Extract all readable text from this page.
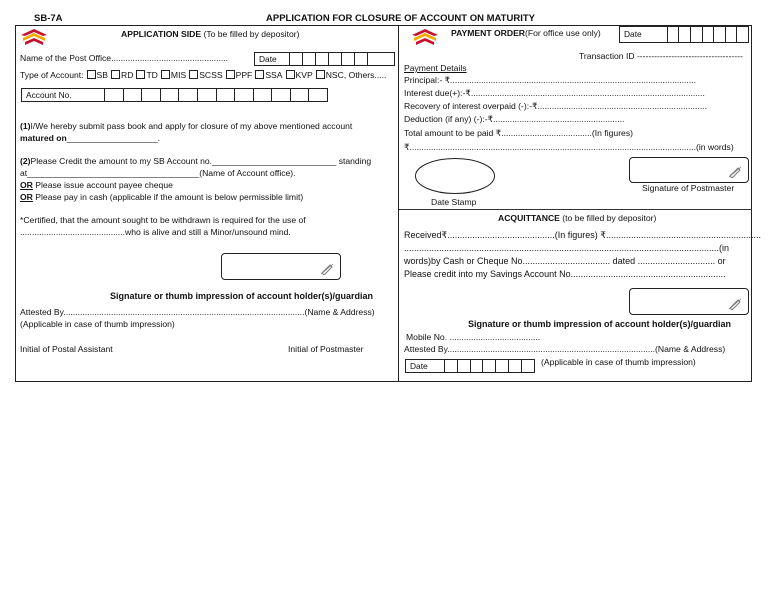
SB-7A	APPLICATION FOR CLOSURE OF ACCOUNT ON MATURITY
APPLICATION SIDE (To be filled by depositor)
Name of the Post Office.................................................	Date
Type of Account: SB RD TD MIS SCSS PPF SSA KVP NSC, Others.....
Account No.
(1)I/We hereby submit pass book and apply for closure of my above mentioned account
matured on___________________.
(2)Please Credit the amount to my SB Account no.__________________________ standing
at____________________________________(Name of Account office).
OR Please issue account payee cheque
OR Please pay in cash (applicable if the amount is below permissible limit)
*Certified, that the amount sought to be withdrawn is required for the use of
............................................who is alive and still a Minor/unsound mind.
Signature or thumb impression of account holder(s)/guardian
Attested By.....................................................................................................(Name & Address)
(Applicable in case of thumb impression)
Initial of Postal Assistant	Initial of Postmaster
PAYMENT ORDER(For office use only)	Date
Transaction ID -------------------------------------
Payment Details
Principal:- ₹.......................................................................................................
Interest due(+):-₹..................................................................................................
Recovery of interest overpaid (-):-₹.......................................................................
Deduction (if any) (-):-₹.......................................................
Total amount to be paid ₹......................................(In figures)
₹........................................................................................................................(in words)
Date Stamp
Signature of Postmaster
ACQUITTANCE (to be filled by depositor)
Received₹...........................................(In figures) ₹..............................................................
..............................................................................................................................(in
words)by Cash or Cheque No................................... dated ............................... or
Please credit into my Savings Account No..............................................................
Signature or thumb impression of account holder(s)/guardian
Mobile No. ......................................
Attested By.......................................................................................(Name & Address)
Date	(Applicable in case of thumb impression)
